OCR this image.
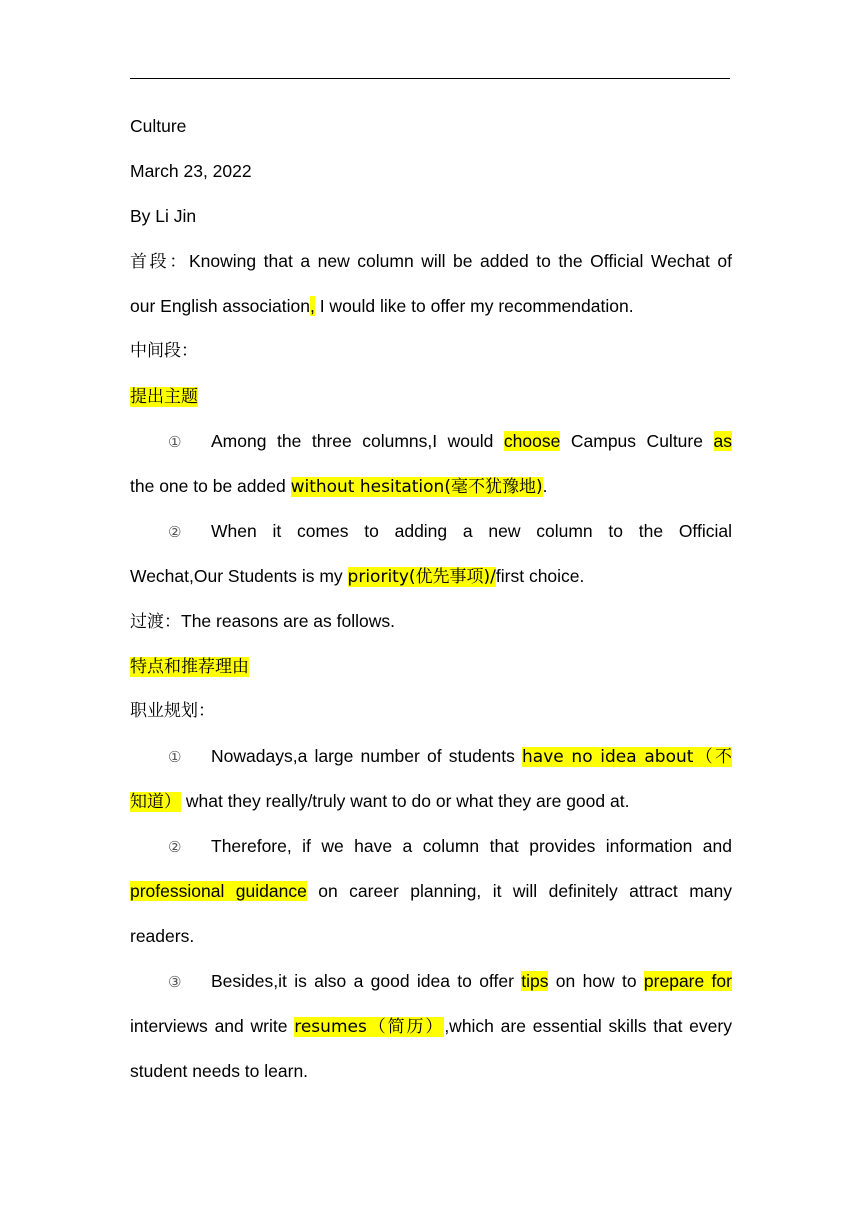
Culture
March 23, 2022
By Li Jin
首段：Knowing that a new column will be added to the Official Wechat of
our English association, I would like to offer my recommendation.
中间段：
提出主题
① Among the three columns,I would choose Campus Culture as
the one to be added without hesitation(毫不犹豫地).
② When it comes to adding a new column to the Official
Wechat,Our Students is my priority(优先事项)/first choice.
过渡：The reasons are as follows.
特点和推荐理由
职业规划：
① Nowadays,a large number of students have no idea about（不
知道） what they really/truly want to do or what they are good at.
② Therefore, if we have a column that provides information and
professional guidance on career planning, it will definitely attract many
readers.
③ Besides,it is also a good idea to offer tips on how to prepare for
interviews and write resumes（简历）,which are essential skills that every
student needs to learn.
